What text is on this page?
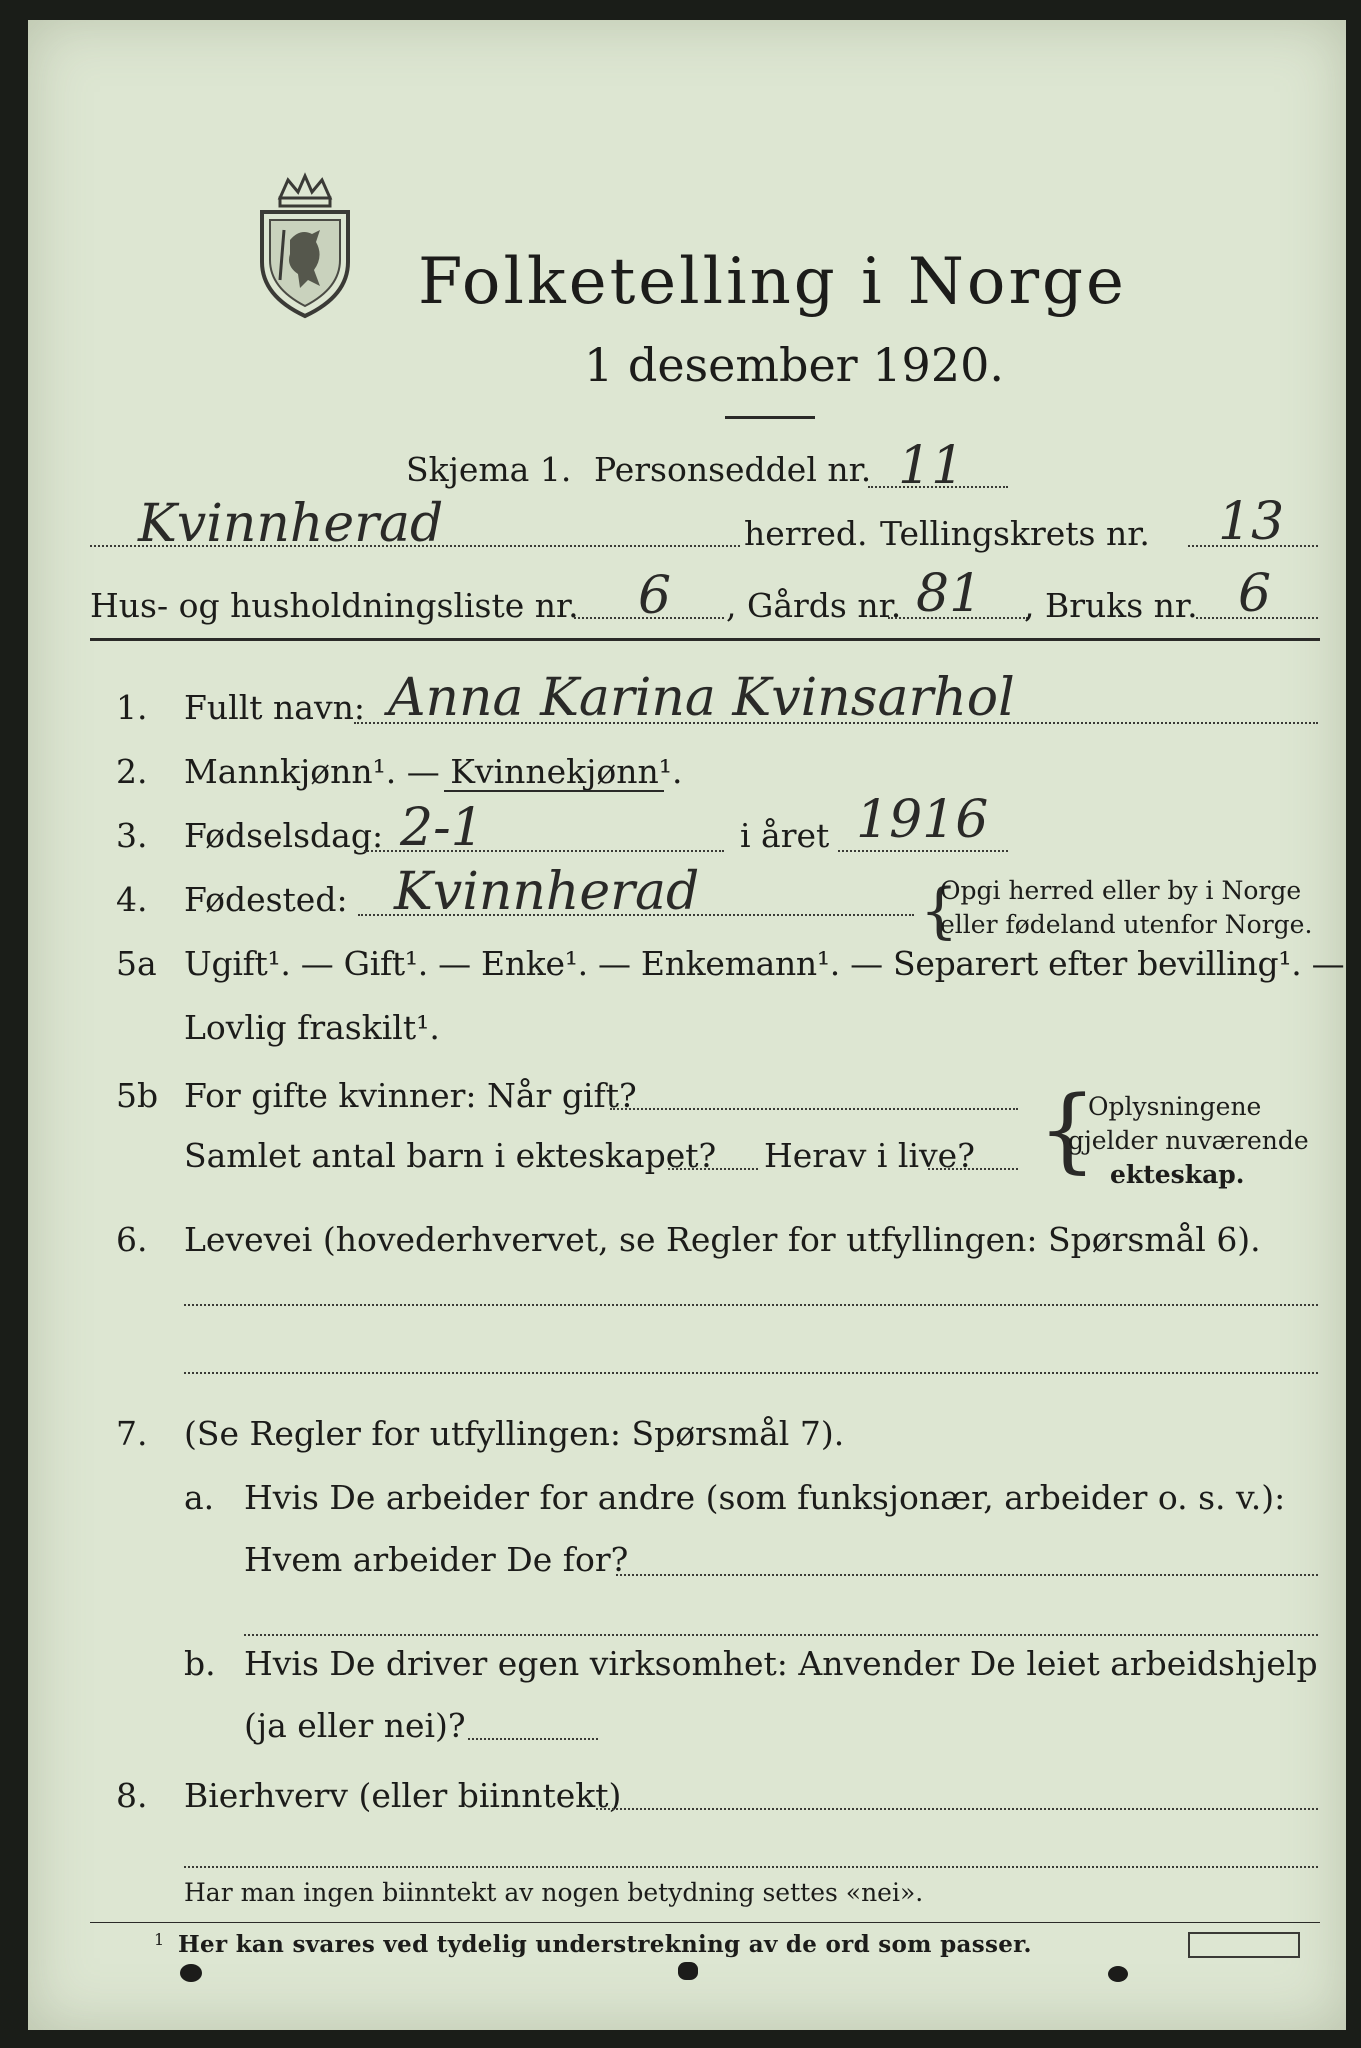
Folketelling i Norge
1 desember 1920.
Skjema 1. Personseddel nr. 11
Kvinnherad	herred. Tellingskrets nr. 13
Hus- og husholdningsliste nr. 6 , Gårds nr. 81 , Bruks nr. 6
1. Fullt navn: Anna Karina Kvinsarhol
2. Mannkjønn¹. — Kvinnekjønn¹.
3. Fødselsdag: 2-1	i året 1916
4. Fødested: Kvinnherad	{
Opgi herred eller by i Norge
eller fødeland utenfor Norge.
5a Ugift¹. — Gift¹. — Enke¹. — Enkemann¹. — Separert efter bevilling¹. —
Lovlig fraskilt¹.
5b For gifte kvinner: Når gift?
Samlet antal barn i ekteskapet? Herav i live? {
Oplysningene
gjelder nuværende
ekteskap.
6. Levevei (hovederhvervet, se Regler for utfyllingen: Spørsmål 6).
7. (Se Regler for utfyllingen: Spørsmål 7).
a. Hvis De arbeider for andre (som funksjonær, arbeider o. s. v.):
Hvem arbeider De for?
b. Hvis De driver egen virksomhet: Anvender De leiet arbeidshjelp
(ja eller nei)?
8. Bierhverv (eller biinntekt)
Har man ingen biinntekt av nogen betydning settes «nei».
1 Her kan svares ved tydelig understrekning av de ord som passer.
